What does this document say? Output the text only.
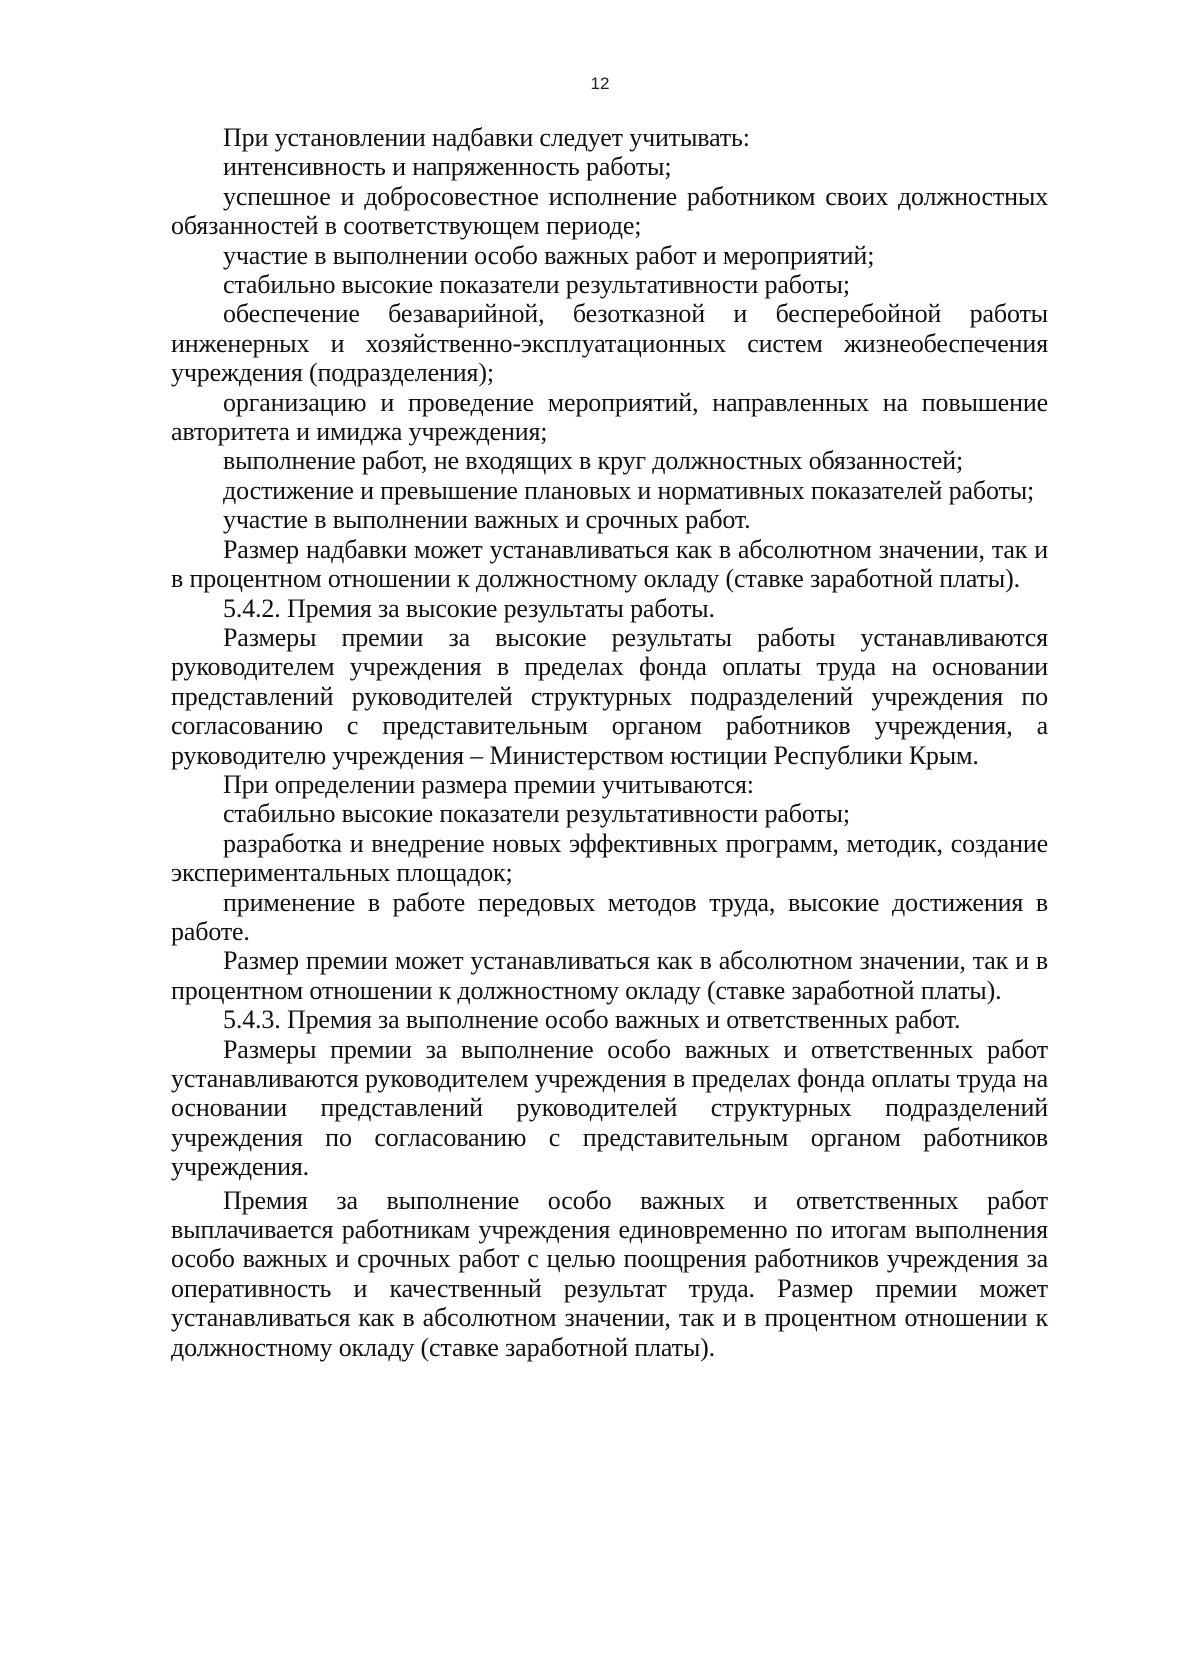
12

При установлении надбавки следует учитывать:

интенсивность и напряженность работы;

успешное и добросовестное исполнение работником своих должностных обязанностей в соответствующем периоде;

участие в выполнении особо важных работ и мероприятий;

стабильно высокие показатели результативности работы;

обеспечение безаварийной, безотказной и бесперебойной работы инженерных и хозяйственно-эксплуатационных систем жизнеобеспечения учреждения (подразделения);

организацию и проведение мероприятий, направленных на повышение авторитета и имиджа учреждения;

выполнение работ, не входящих в круг должностных обязанностей;

достижение и превышение плановых и нормативных показателей работы;

участие в выполнении важных и срочных работ.

Размер надбавки может устанавливаться как в абсолютном значении, так и в процентном отношении к должностному окладу (ставке заработной платы).

5.4.2. Премия за высокие результаты работы.

Размеры премии за высокие результаты работы устанавливаются руководителем учреждения в пределах фонда оплаты труда на основании представлений руководителей структурных подразделений учреждения по согласованию с представительным органом работников учреждения, а руководителю учреждения – Министерством юстиции Республики Крым.

При определении размера премии учитываются:

стабильно высокие показатели результативности работы;

разработка и внедрение новых эффективных программ, методик, создание экспериментальных площадок;

применение в работе передовых методов труда, высокие достижения в работе.

Размер премии может устанавливаться как в абсолютном значении, так и в процентном отношении к должностному окладу (ставке заработной платы).

5.4.3. Премия за выполнение особо важных и ответственных работ.

Размеры премии за выполнение особо важных и ответственных работ устанавливаются руководителем учреждения в пределах фонда оплаты труда на основании представлений руководителей структурных подразделений учреждения по согласованию с представительным органом работников учреждения.

Премия за выполнение особо важных и ответственных работ выплачивается работникам учреждения единовременно по итогам выполнения особо важных и срочных работ с целью поощрения работников учреждения за оперативность и качественный результат труда. Размер премии может устанавливаться как в абсолютном значении, так и в процентном отношении к должностному окладу (ставке заработной платы).
